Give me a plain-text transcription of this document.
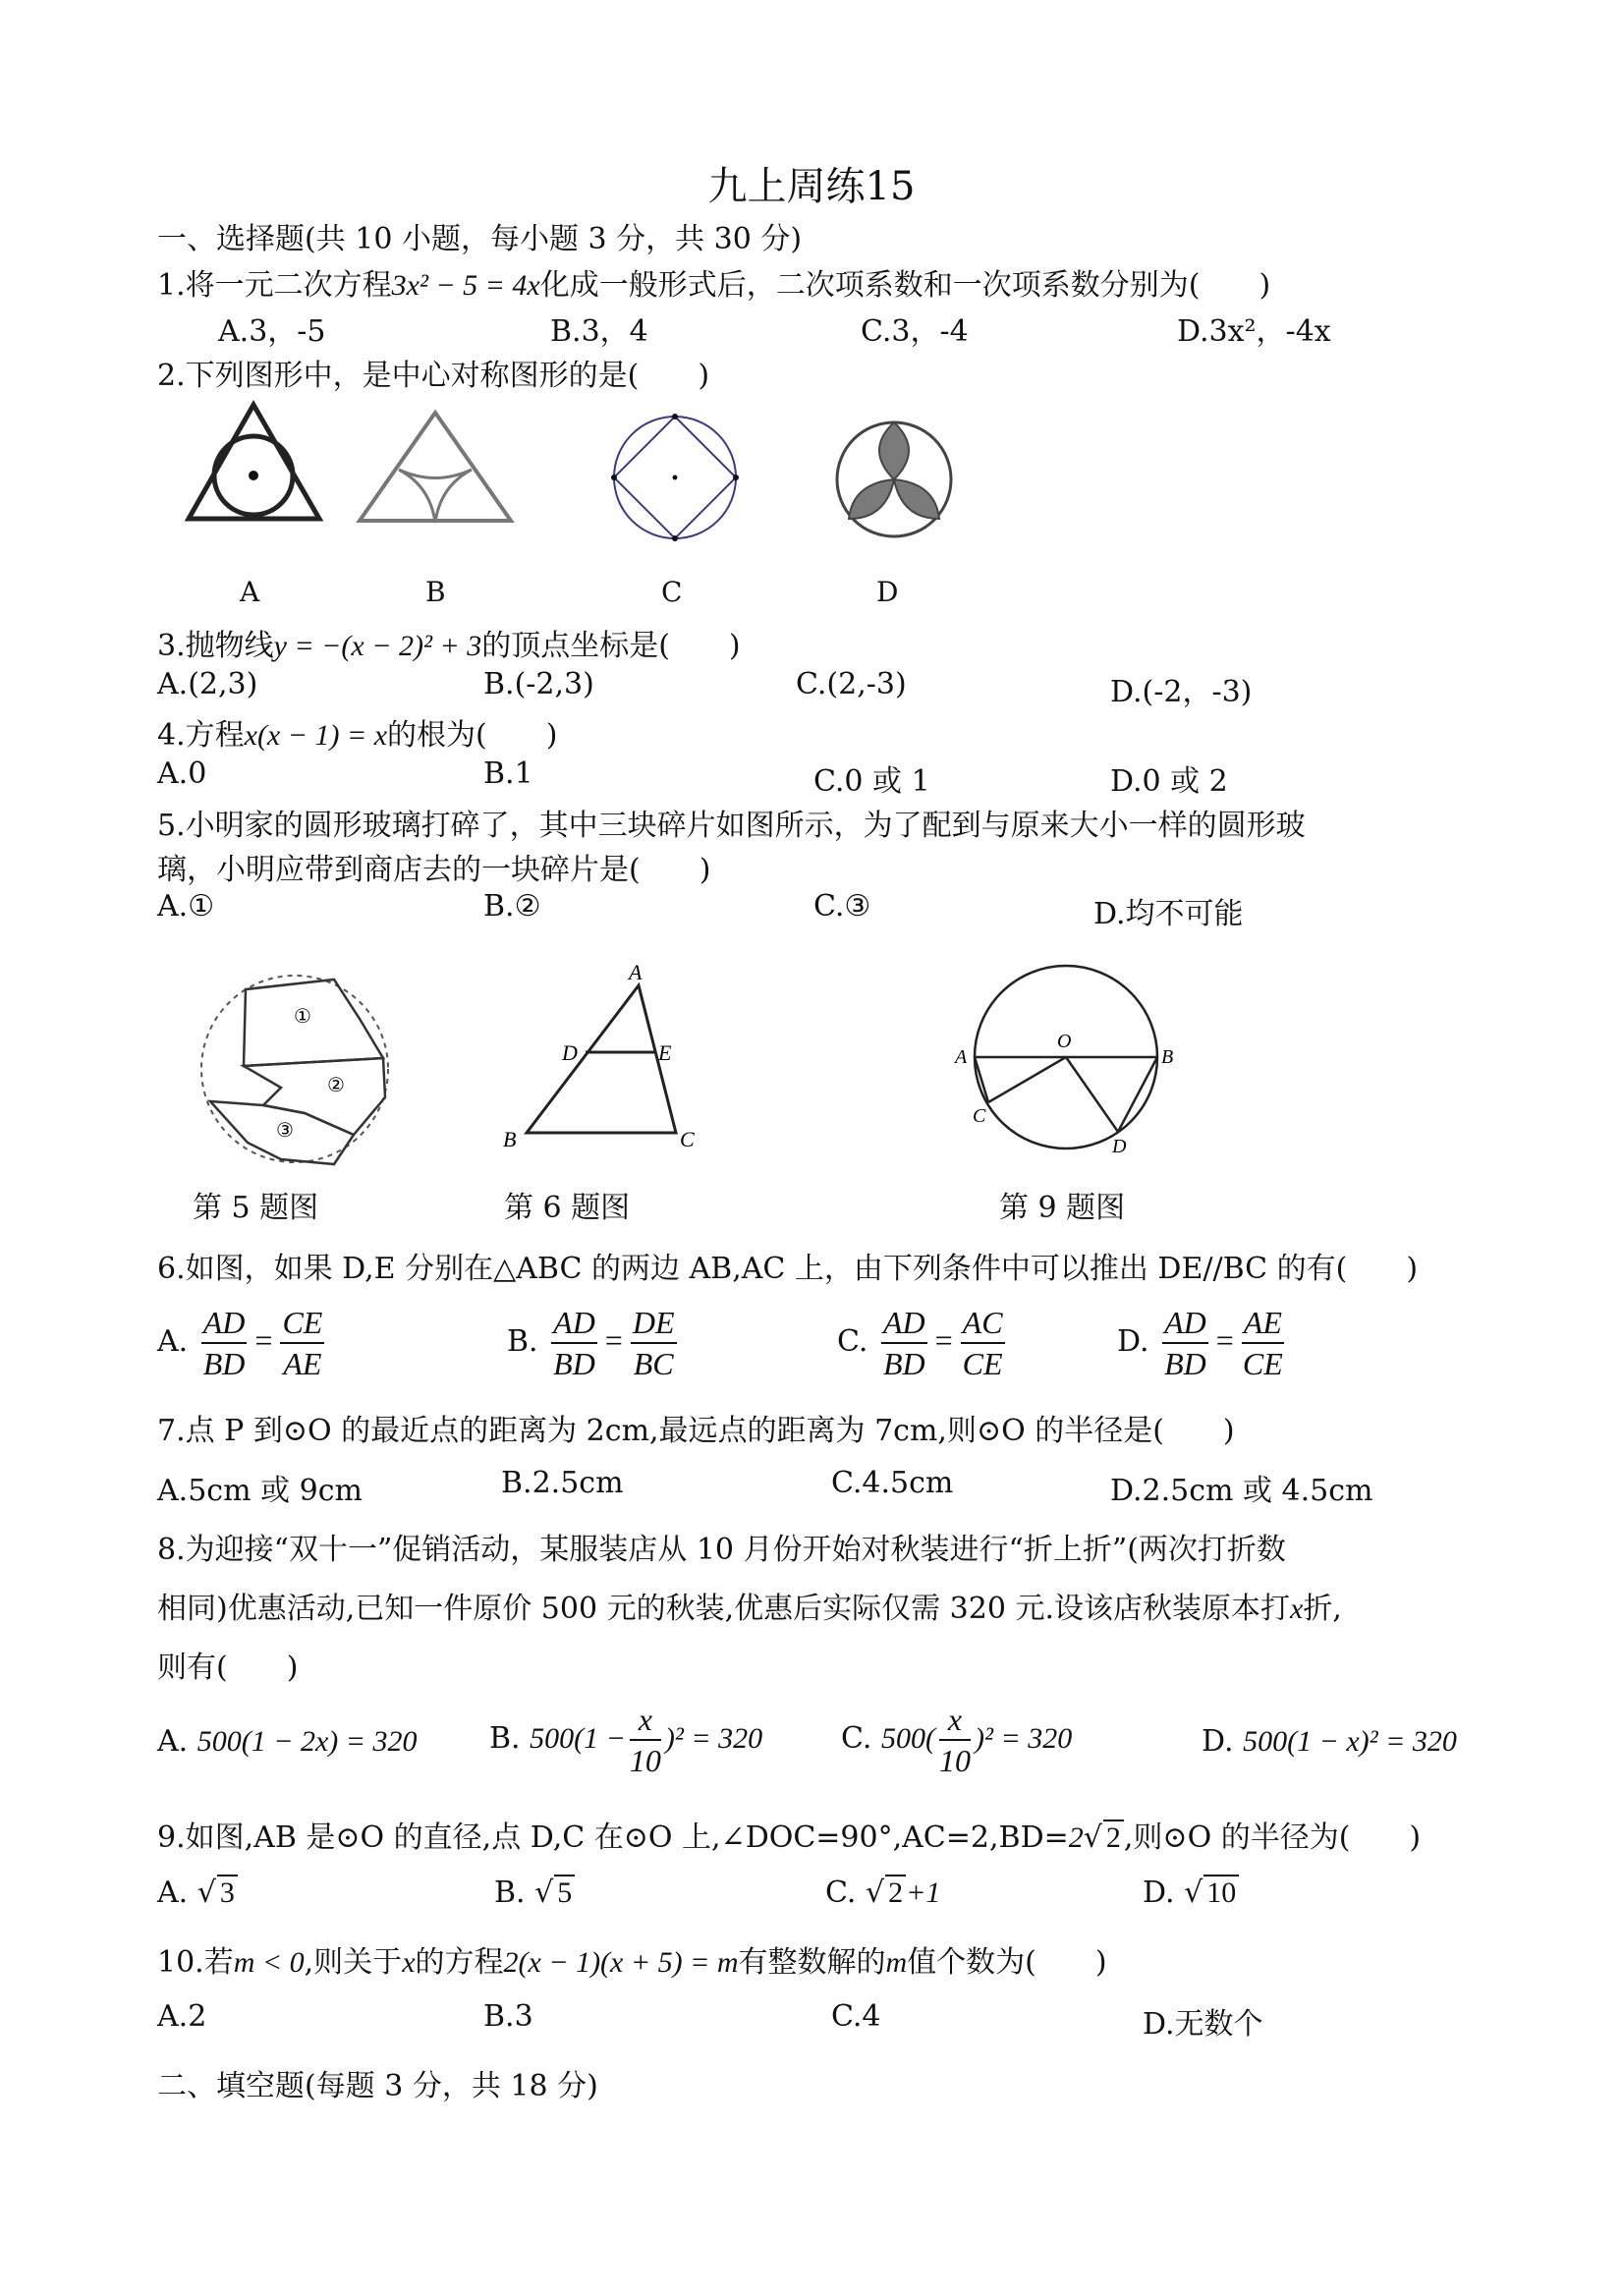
九上周练15
一、选择题(共 10 小题，每小题 3 分，共 30 分)
1.将一元二次方程3x² − 5 = 4x化成一般形式后，二次项系数和一次项系数分别为(　　)
A.3，-5	B.3，4	C.3，-4	D.3x²，-4x
2.下列图形中，是中心对称图形的是(　　)
A	B	C	D
3.抛物线y = −(x − 2)² + 3的顶点坐标是(　　)
A.(2,3)	B.(-2,3)	C.(2,-3)	D.(-2，-3)
4.方程x(x − 1) = x的根为(　　)
A.0	B.1	C.0 或 1	D.0 或 2
5.小明家的圆形玻璃打碎了，其中三块碎片如图所示，为了配到与原来大小一样的圆形玻
璃，小明应带到商店去的一块碎片是(　　)
A.①	B.②	C.③	D.均不可能
①
②
③
A
D	E
B	C
O
A	B
C
D
第 5 题图	第 6 题图	第 9 题图
6.如图，如果 D,E 分别在△ABC 的两边 AB,AC 上，由下列条件中可以推出 DE//BC 的有(　　)
A. $\frac{AD}{BD} = \frac{CE}{AE}$	B. $\frac{AD}{BD} = \frac{DE}{BC}$	C. $\frac{AD}{BD} = \frac{AC}{CE}$	D. $\frac{AD}{BD} = \frac{AE}{CE}$
7.点 P 到⊙O 的最近点的距离为 2cm,最远点的距离为 7cm,则⊙O 的半径是(　　)
A.5cm 或 9cm	B.2.5cm	C.4.5cm	D.2.5cm 或 4.5cm
8.为迎接“双十一”促销活动，某服装店从 10 月份开始对秋装进行“折上折”(两次打折数
相同)优惠活动,已知一件原价 500 元的秋装,优惠后实际仅需 320 元.设该店秋装原本打x折,
则有(　　)
A. 500(1 − 2x) = 320 B. $500(1 - \frac{x}{10} )^2 = 320$	C. $500( \frac{x}{10} )^2 = 320$	D. 500(1 − x)² = 320
9.如图,AB 是⊙O 的直径,点 D,C 在⊙O 上,∠DOC=90°,AC=2,BD=2√ 2 ,则⊙O 的半径为(　　)
A. √ 3	B. √ 5	C. √ 2 +1	D. √ 10
10.若m < 0,则关于x的方程2(x − 1)(x + 5) = m有整数解的m值个数为(　　)
A.2	B.3	C.4	D.无数个
二、填空题(每题 3 分，共 18 分)
